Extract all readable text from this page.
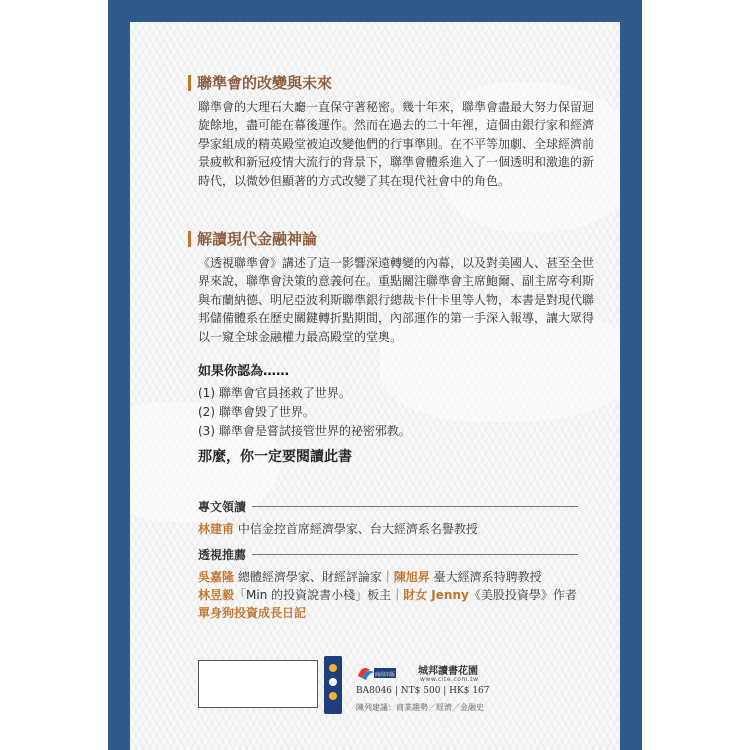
聯準會的改變與未來
聯準會的大理石大廳一直保守著秘密。幾十年來，聯準會盡最大努力保留迴旋餘地，盡可能在幕後運作。然而在過去的二十年裡，這個由銀行家和經濟學家組成的精英殿堂被迫改變他們的行事準則。在不平等加劇、全球經濟前景疲軟和新冠疫情大流行的背景下，聯準會體系進入了一個透明和激進的新時代，以微妙但顯著的方式改變了其在現代社會中的角色。
解讀現代金融神論
《透視聯準會》講述了這一影響深遠轉變的內幕，以及對美國人、甚至全世界來說，聯準會決策的意義何在。重點關注聯準會主席鮑爾、副主席夸利斯與布蘭納德、明尼亞波利斯聯準銀行總裁卡什卡里等人物，本書是對現代聯邦儲備體系在歷史關鍵轉折點期間，內部運作的第一手深入報導，讓大眾得以一窺全球金融權力最高殿堂的堂奧。
如果你認為……
(1) 聯準會官員拯救了世界。
(2) 聯準會毀了世界。
(3) 聯準會是嘗試接管世界的祕密邪教。
那麼，你一定要閱讀此書
專文領讀
林建甫 中信金控首席經濟學家、台大經濟系名譽教授
透視推薦
吳嘉隆 總體經濟學家、財經評論家｜陳旭昇 臺大經濟系特聘教授
林昱毅「Min 的投資說書小棧」板主｜財女 Jenny《美股投資學》作者
單身狗投資成長日記
商周出版 城邦讀書花園
www.cite.com.tw
BA8046 | NT$ 500 | HK$ 167
陳列建議：商業趨勢／經濟／金融史
